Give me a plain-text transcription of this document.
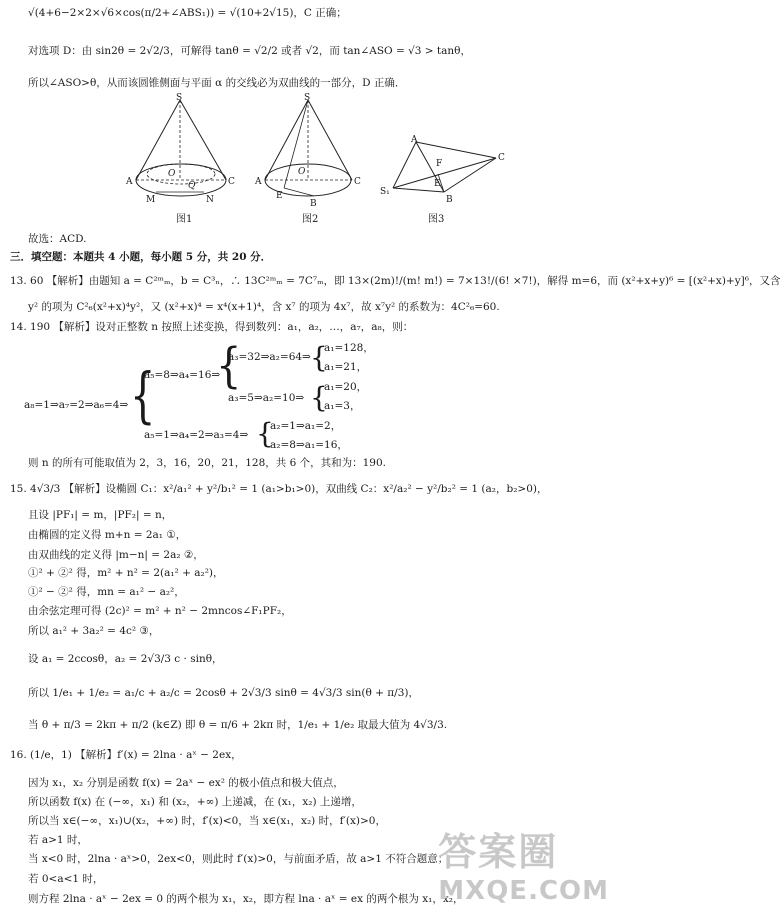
√(4+6−2×2×√6×cos(π/2+∠ABS₁)) = √(10+2√15)，C 正确；
对选项 D：由 sin2θ = 2√2/3，可解得 tanθ = √2/2 或者 √2，而 tan∠ASO = √3 > tanθ，
所以∠ASO>θ，从而该圆锥侧面与平面 α 的交线必为双曲线的一部分，D 正确．
故选：ACD.
三．填空题：本题共 4 小题，每小题 5 分，共 20 分．
13. 60 【解析】由题知 a = C²ᵐₘ，b = C³ₙ，∴ 13C²ᵐₘ = 7C⁷ₘ，即 13×(2m)!/(m! m!) = 7×13!/(6! ×7!)，解得 m=6，而 (x²+x+y)⁶ = [(x²+x)+y]⁶，又含
y² 的项为 C²₆(x²+x)⁴y²，又 (x²+x)⁴ = x⁴(x+1)⁴，含 x⁷ 的项为 4x⁷，故 x⁷y² 的系数为：4C²₆=60.
14. 190 【解析】设对正整数 n 按照上述变换，得到数列：a₁，a₂，…，a₇，a₈，则：
则 n 的所有可能取值为 2，3，16，20，21，128，共 6 个，其和为：190.
15. 4√3/3 【解析】设椭圆 C₁：x²/a₁² + y²/b₁² = 1 (a₁>b₁>0)，双曲线 C₂：x²/a₂² − y²/b₂² = 1 (a₂，b₂>0)，
且设 |PF₁| = m，|PF₂| = n，
由椭圆的定义得 m+n = 2a₁ ①，
由双曲线的定义得 |m−n| = 2a₂ ②，
①² + ②² 得，m² + n² = 2(a₁² + a₂²)，
①² − ②² 得，mn = a₁² − a₂²，
由余弦定理可得 (2c)² = m² + n² − 2mncos∠F₁PF₂，
所以 a₁² + 3a₂² = 4c² ③，
设 a₁ = 2ccosθ，a₂ = 2√3/3 c · sinθ，
所以 1/e₁ + 1/e₂ = a₁/c + a₂/c = 2cosθ + 2√3/3 sinθ = 4√3/3 sin(θ + π/3)，
当 θ + π/3 = 2kπ + π/2 (k∈Z) 即 θ = π/6 + 2kπ 时，1/e₁ + 1/e₂ 取最大值为 4√3/3.
16. (1/e，1) 【解析】f′(x) = 2lna · aˣ − 2ex，
因为 x₁，x₂ 分别是函数 f(x) = 2aˣ − ex² 的极小值点和极大值点，
所以函数 f(x) 在 (−∞，x₁) 和 (x₂，+∞) 上递减，在 (x₁，x₂) 上递增，
所以当 x∈(−∞，x₁)∪(x₂，+∞) 时，f′(x)<0，当 x∈(x₁，x₂) 时，f′(x)>0，
若 a>1 时，
当 x<0 时，2lna · aˣ>0，2ex<0，则此时 f′(x)>0，与前面矛盾，故 a>1 不符合题意；
若 0<a<1 时，
则方程 2lna · aˣ − 2ex = 0 的两个根为 x₁，x₂，即方程 lna · aˣ = ex 的两个根为 x₁，x₂，
S
A	C
O
Q
M	N
图1
S
A	C
O
E
B
图2
A
F
C
S₁
E
B
图3
a₈=1⇒a₇=2⇒a₆=4⇒ {
a₅=8⇒a₄=16⇒
a₅=1⇒a₄=2⇒a₃=4⇒
{
a₃=32⇒a₂=64⇒
a₃=5⇒a₂=10⇒
{
a₁=128，
a₁=21，
{
a₁=20，
a₁=3，
{
a₂=1⇒a₁=2，
a₂=8⇒a₁=16，
答案圈
MXQE.COM
